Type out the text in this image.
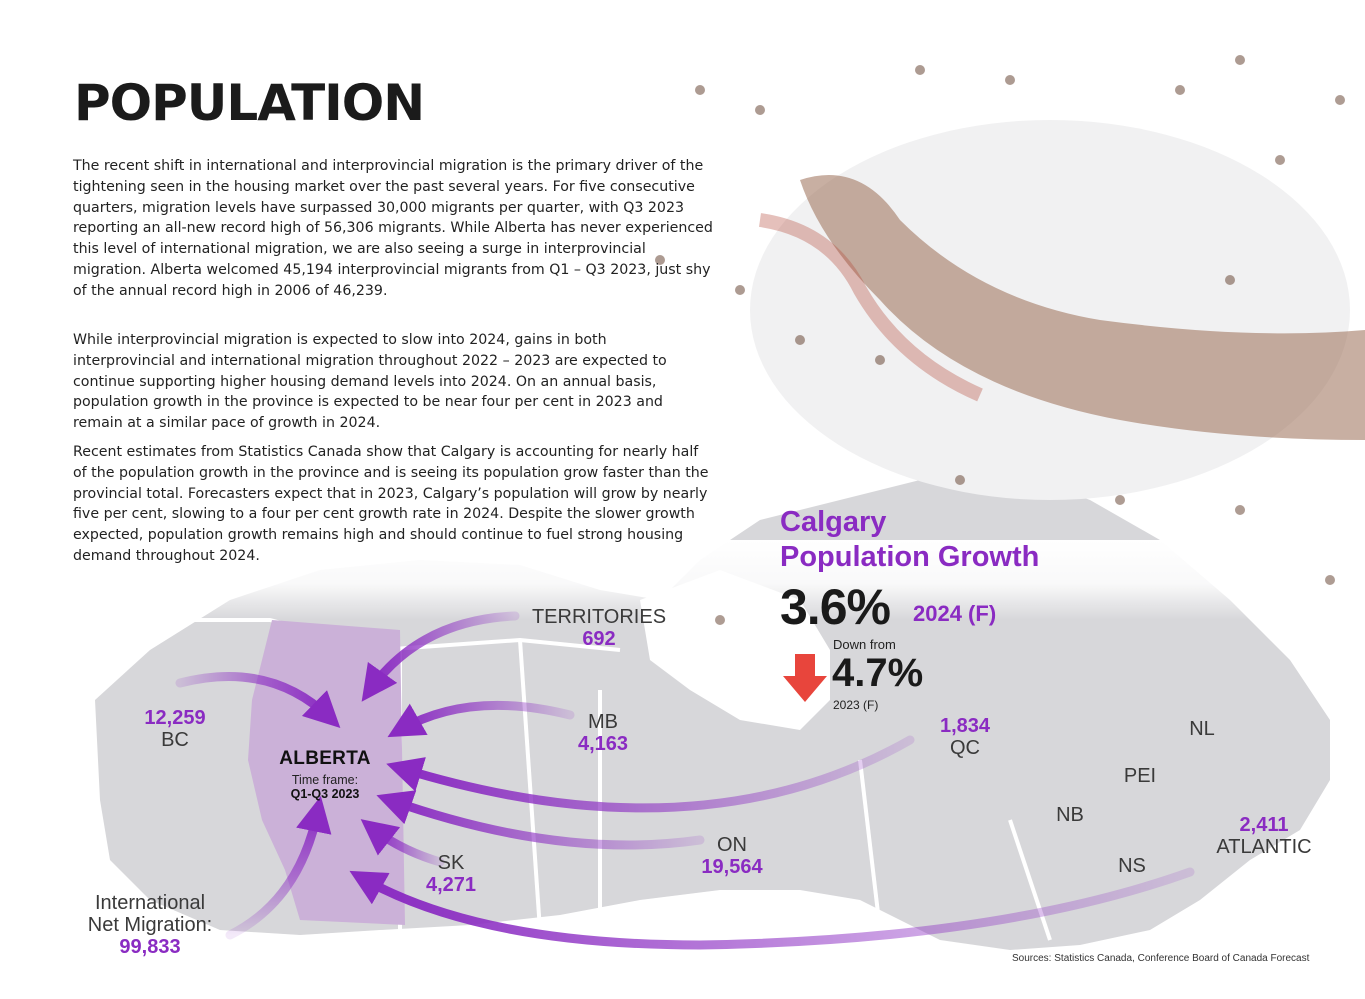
POPULATION

The recent shift in international and interprovincial migration is the primary driver of the tightening seen in the housing market over the past several years. For five consecutive quarters, migration levels have surpassed 30,000 migrants per quarter, with Q3 2023 reporting an all-new record high of 56,306 migrants. While Alberta has never experienced this level of international migration, we are also seeing a surge in interprovincial migration. Alberta welcomed 45,194 interprovincial migrants from Q1 – Q3 2023, just shy of the annual record high in 2006 of 46,239.

While interprovincial migration is expected to slow into 2024, gains in both interprovincial and international migration throughout 2022 – 2023 are expected to continue supporting higher housing demand levels into 2024. On an annual basis, population growth in the province is expected to be near four per cent in 2023 and remain at a similar pace of growth in 2024.

Recent estimates from Statistics Canada show that Calgary is accounting for nearly half of the population growth in the province and is seeing its population grow faster than the provincial total. Forecasters expect that in 2023, Calgary’s population will grow by nearly five per cent, slowing to a four per cent growth rate in 2024. Despite the slower growth expected, population growth remains high and should continue to fuel strong housing demand throughout 2024.

12,259
BC
TERRITORIES
692
MB
4,163
SK
4,271
ON
19,564
1,834
QC
2,411
ATLANTIC
International
Net Migration:
99,833
NL
PEI
NB
NS
ALBERTA
Time frame:
Q1-Q3 2023
Calgary
Population Growth
3.6% 2024 (F)
Down from
4.7%
2023 (F)
Sources: Statistics Canada, Conference Board of Canada Forecast
